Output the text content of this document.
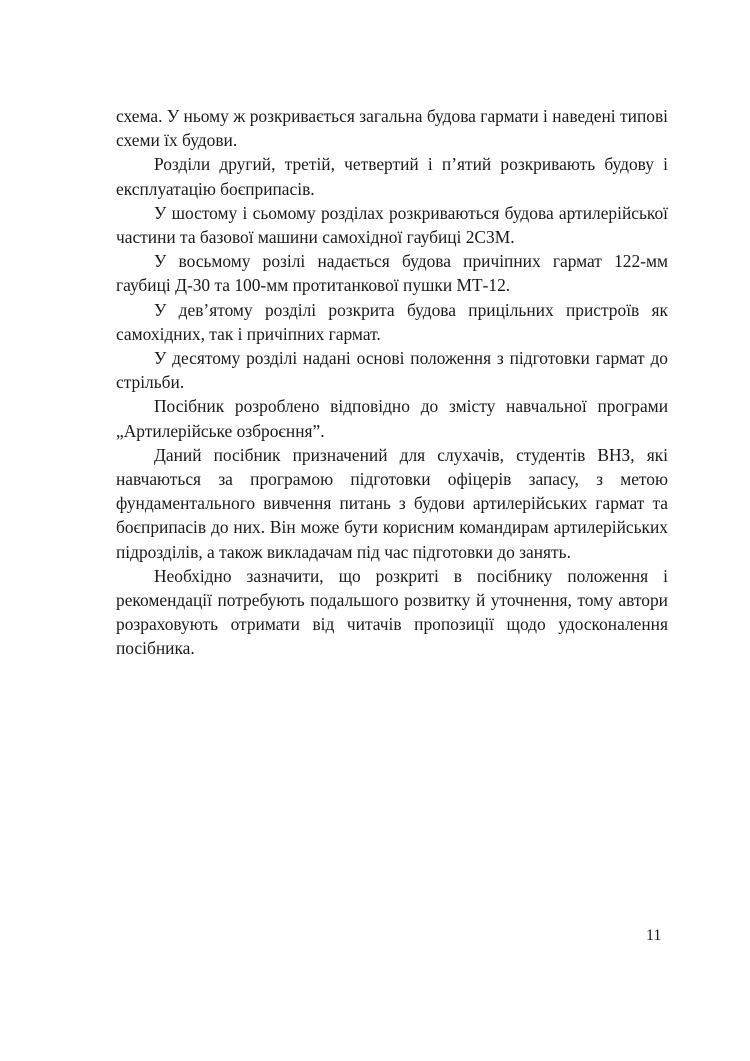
схема. У ньому ж розкривається загальна будова гармати і наведені типові схеми їх будови.

Розділи другий, третій, четвертий і п’ятий розкривають будову і експлуатацію боєприпасів.

У шостому і сьомому розділах розкриваються будова артилерійської частини та базової машини самохідної гаубиці 2С3М.

У восьмому розілі надається будова причіпних гармат 122-мм гаубиці Д-30 та 100-мм протитанкової пушки МТ-12.

У дев’ятому розділі розкрита будова прицільних пристроїв як самохідних, так і причіпних гармат.

У десятому розділі надані основі положення з підготовки гармат до стрільби.

Посібник розроблено відповідно до змісту навчальної програми „Артилерійське озброєння”.

Даний посібник призначений для слухачів, студентів ВНЗ, які навчаються за програмою підготовки офіцерів запасу, з метою фундаментального вивчення питань з будови артилерійських гармат та боєприпасів до них. Він може бути корисним командирам артилерійських підрозділів, а також викладачам під час підготовки до занять.

Необхідно зазначити, що розкриті в посібнику положення і рекомендації потребують подальшого розвитку й уточнення, тому автори розраховують отримати від читачів пропозиції щодо удосконалення посібника.

11
